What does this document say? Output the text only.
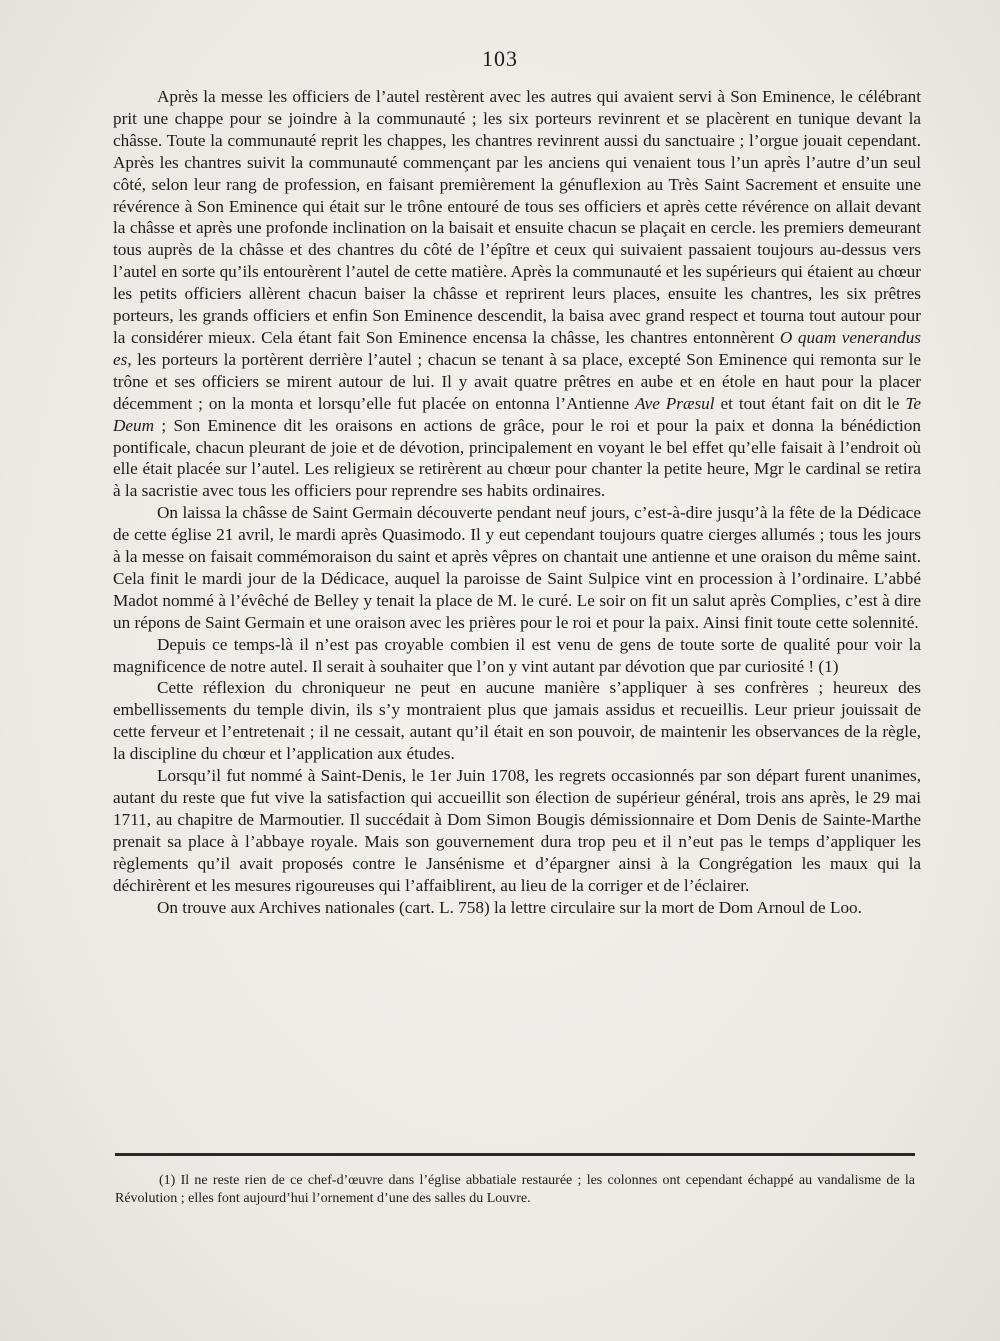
103

Après la messe les officiers de l’autel restèrent avec les autres qui avaient servi à Son Eminence, le célébrant prit une chappe pour se joindre à la communauté ; les six porteurs revinrent et se placèrent en tunique devant la châsse. Toute la communauté reprit les chappes, les chantres revinrent aussi du sanctuaire ; l’orgue jouait cependant. Après les chantres suivit la communauté commençant par les anciens qui venaient tous l’un après l’autre d’un seul côté, selon leur rang de profession, en faisant premièrement la génuflexion au Très Saint Sacrement et ensuite une révérence à Son Eminence qui était sur le trône entouré de tous ses officiers et après cette révérence on allait devant la châsse et après une profonde inclination on la baisait et ensuite chacun se plaçait en cercle. les premiers demeurant tous auprès de la châsse et des chantres du côté de l’épître et ceux qui suivaient passaient toujours au-dessus vers l’autel en sorte qu’ils entourèrent l’autel de cette matière. Après la communauté et les supérieurs qui étaient au chœur les petits officiers allèrent chacun baiser la châsse et reprirent leurs places, ensuite les chantres, les six prêtres porteurs, les grands officiers et enfin Son Eminence descendit, la baisa avec grand respect et tourna tout autour pour la considérer mieux. Cela étant fait Son Eminence encensa la châsse, les chantres entonnèrent O quam venerandus es, les porteurs la portèrent derrière l’autel ; chacun se tenant à sa place, excepté Son Eminence qui remonta sur le trône et ses officiers se mirent autour de lui. Il y avait quatre prêtres en aube et en étole en haut pour la placer décemment ; on la monta et lorsqu’elle fut placée on entonna l’Antienne Ave Præsul et tout étant fait on dit le Te Deum ; Son Eminence dit les oraisons en actions de grâce, pour le roi et pour la paix et donna la bénédiction pontificale, chacun pleurant de joie et de dévotion, principalement en voyant le bel effet qu’elle faisait à l’endroit où elle était placée sur l’autel. Les religieux se retirèrent au chœur pour chanter la petite heure, Mgr le cardinal se retira à la sacristie avec tous les officiers pour reprendre ses habits ordinaires.

On laissa la châsse de Saint Germain découverte pendant neuf jours, c’est-à-dire jusqu’à la fête de la Dédicace de cette église 21 avril, le mardi après Quasimodo. Il y eut cependant toujours quatre cierges allumés ; tous les jours à la messe on faisait commémoraison du saint et après vêpres on chantait une antienne et une oraison du même saint. Cela finit le mardi jour de la Dédicace, auquel la paroisse de Saint Sulpice vint en procession à l’ordinaire. L’abbé Madot nommé à l’évêché de Belley y tenait la place de M. le curé. Le soir on fit un salut après Complies, c’est à dire un répons de Saint Germain et une oraison avec les prières pour le roi et pour la paix. Ainsi finit toute cette solennité.

Depuis ce temps-là il n’est pas croyable combien il est venu de gens de toute sorte de qualité pour voir la magnificence de notre autel. Il serait à souhaiter que l’on y vint autant par dévotion que par curiosité ! (1)

Cette réflexion du chroniqueur ne peut en aucune manière s’appliquer à ses confrères ; heureux des embellissements du temple divin, ils s’y montraient plus que jamais assidus et recueillis. Leur prieur jouissait de cette ferveur et l’entretenait ; il ne cessait, autant qu’il était en son pouvoir, de maintenir les observances de la règle, la discipline du chœur et l’application aux études.

Lorsqu’il fut nommé à Saint-Denis, le 1er Juin 1708, les regrets occasionnés par son départ furent unanimes, autant du reste que fut vive la satisfaction qui accueillit son élection de supérieur général, trois ans après, le 29 mai 1711, au chapitre de Marmoutier. Il succédait à Dom Simon Bougis démissionnaire et Dom Denis de Sainte-Marthe prenait sa place à l’abbaye royale. Mais son gouvernement dura trop peu et il n’eut pas le temps d’appliquer les règlements qu’il avait proposés contre le Jansénisme et d’épargner ainsi à la Congrégation les maux qui la déchirèrent et les mesures rigoureuses qui l’affaiblirent, au lieu de la corriger et de l’éclairer.

On trouve aux Archives nationales (cart. L. 758) la lettre circulaire sur la mort de Dom Arnoul de Loo.

(1) Il ne reste rien de ce chef-d’œuvre dans l’église abbatiale restaurée ; les colonnes ont cependant échappé au vandalisme de la Révolution ; elles font aujourd’hui l’ornement d’une des salles du Louvre.
